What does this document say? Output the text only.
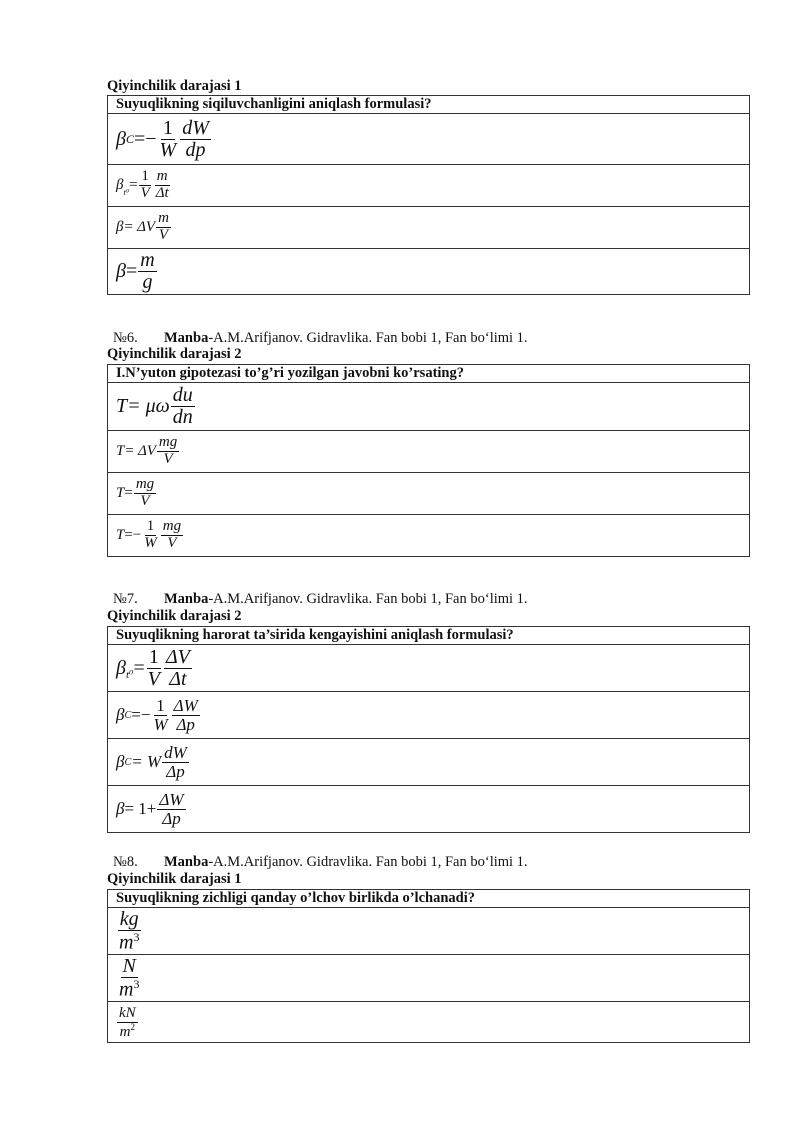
Qiyinchilik darajasi 1
Suyuqlikning siqiluvchanligini aniqlash formulasi?

β $C =- \frac{1}{W} \frac{dW}{dp}$

β $t^0 = \frac{1}{V} \frac{m}{\Delta t}$

β = ΔV $\frac{m}{V}$

$\beta = \frac{m}{g}$
№6. Manba-A.M.Arifjanov. Gidravlika. Fan bobi 1, Fan bo‘limi 1.
Qiyinchilik darajasi 2
I.N’yuton gipotezasi to’g’ri yozilgan javobni ko’rsating?

T = μω $\frac{du}{dn}$

T = ΔV $\frac{mg}{V}$

$T = \frac{mg}{V}$

$T =- \frac{1}{W} \frac{mg}{V}$
№7. Manba-A.M.Arifjanov. Gidravlika. Fan bobi 1, Fan bo‘limi 1.
Qiyinchilik darajasi 2
Suyuqlikning harorat ta’sirida kengayishini aniqlash formulasi?

β $t^0 = \frac{1}{V} \frac{\Delta V}{\Delta t}$

β $C =- \frac{1}{W} \frac{\Delta W}{\Delta p}$

β C = W $\frac{dW}{\Delta p}$

$\beta = 1+ \frac{\Delta W}{\Delta p}$
№8. Manba-A.M.Arifjanov. Gidravlika. Fan bobi 1, Fan bo‘limi 1.
Qiyinchilik darajasi 1
Suyuqlikning zichligi qanday o’lchov birlikda o’lchanadi?

$\frac{kg}{m^3}$

$\frac{N}{m^3}$

$\frac{kN}{m^2}$
